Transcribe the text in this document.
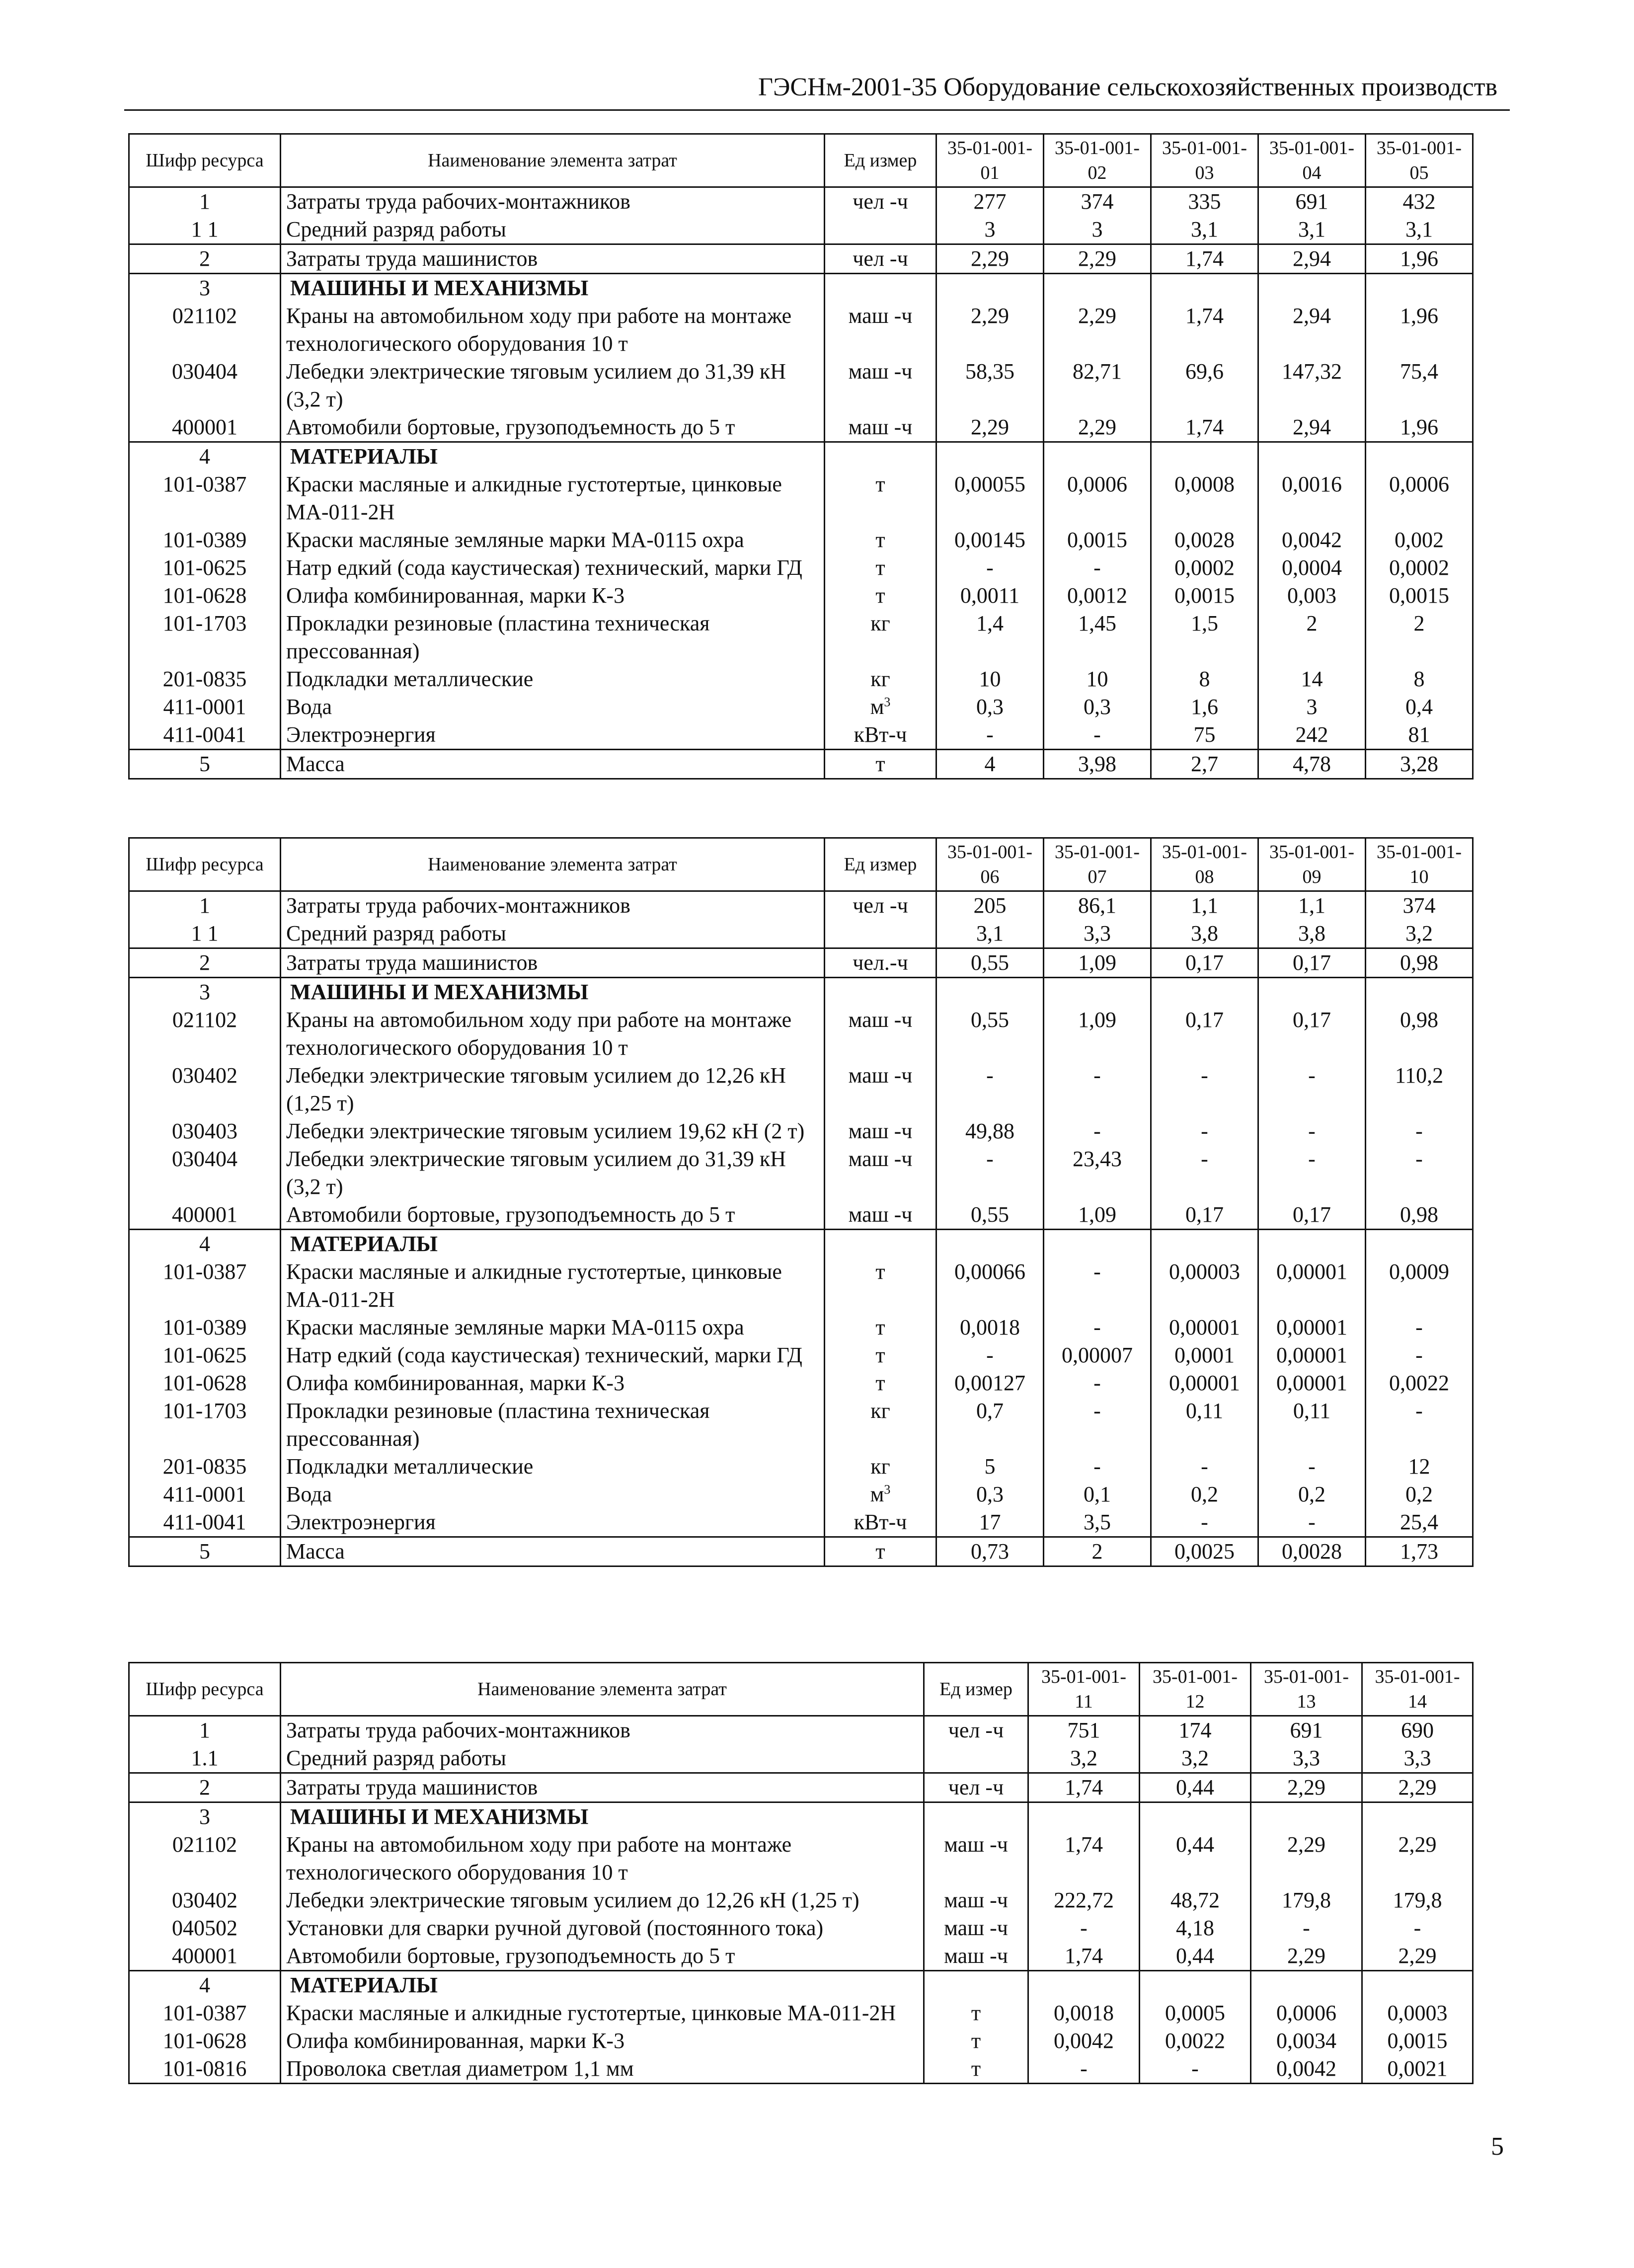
ГЭСНм-2001-35 Оборудование сельскохозяйственных производств
Шифр ресурса	Наименование элемента затрат	Ед измер	35-01-001-01	35-01-001-02	35-01-001-03	35-01-001-04	35-01-001-05
1	Затраты труда рабочих-монтажников	чел -ч	277	374	335	691	432
1 1	Средний разряд работы		3	3	3,1	3,1	3,1
2	Затраты труда машинистов	чел -ч	2,29	2,29	1,74	2,94	1,96
3	МАШИНЫ И МЕХАНИЗМЫ						
021102	Краны на автомобильном ходу при работе на монтаже технологического оборудования 10 т	маш -ч	2,29	2,29	1,74	2,94	1,96
030404	Лебедки электрические тяговым усилием до 31,39 кН (3,2 т)	маш -ч	58,35	82,71	69,6	147,32	75,4
400001	Автомобили бортовые, грузоподъемность до 5 т	маш -ч	2,29	2,29	1,74	2,94	1,96
4	МАТЕРИАЛЫ						
101-0387	Краски масляные и алкидные густотертые, цинковые МА-011-2Н	т	0,00055	0,0006	0,0008	0,0016	0,0006
101-0389	Краски масляные земляные марки МА-0115 охра	т	0,00145	0,0015	0,0028	0,0042	0,002
101-0625	Натр едкий (сода каустическая) технический, марки ГД	т	-	-	0,0002	0,0004	0,0002
101-0628	Олифа комбинированная, марки К-3	т	0,0011	0,0012	0,0015	0,003	0,0015
101-1703	Прокладки резиновые (пластина техническая прессованная)	кг	1,4	1,45	1,5	2	2
201-0835	Подкладки металлические	кг	10	10	8	14	8
411-0001	Вода	$м^3$	0,3	0,3	1,6	3	0,4
411-0041	Электроэнергия	кВт-ч	-	-	75	242	81
5	Масса	т	4	3,98	2,7	4,78	3,28
Шифр ресурса	Наименование элемента затрат	Ед измер	35-01-001-06	35-01-001-07	35-01-001-08	35-01-001-09	35-01-001-10
1	Затраты труда рабочих-монтажников	чел -ч	205	86,1	1,1	1,1	374
1 1	Средний разряд работы		3,1	3,3	3,8	3,8	3,2
2	Затраты труда машинистов	чел.-ч	0,55	1,09	0,17	0,17	0,98
3	МАШИНЫ И МЕХАНИЗМЫ						
021102	Краны на автомобильном ходу при работе на монтаже технологического оборудования 10 т	маш -ч	0,55	1,09	0,17	0,17	0,98
030402	Лебедки электрические тяговым усилием до 12,26 кН (1,25 т)	маш -ч	-	-	-	-	110,2
030403	Лебедки электрические тяговым усилием 19,62 кН (2 т)	маш -ч	49,88	-	-	-	-
030404	Лебедки электрические тяговым усилием до 31,39 кН (3,2 т)	маш -ч	-	23,43	-	-	-
400001	Автомобили бортовые, грузоподъемность до 5 т	маш -ч	0,55	1,09	0,17	0,17	0,98
4	МАТЕРИАЛЫ						
101-0387	Краски масляные и алкидные густотертые, цинковые МА-011-2Н	т	0,00066	-	0,00003	0,00001	0,0009
101-0389	Краски масляные земляные марки МА-0115 охра	т	0,0018	-	0,00001	0,00001	-
101-0625	Натр едкий (сода каустическая) технический, марки ГД	т	-	0,00007	0,0001	0,00001	-
101-0628	Олифа комбинированная, марки К-3	т	0,00127	-	0,00001	0,00001	0,0022
101-1703	Прокладки резиновые (пластина техническая прессованная)	кг	0,7	-	0,11	0,11	-
201-0835	Подкладки металлические	кг	5	-	-	-	12
411-0001	Вода	$м^3$	0,3	0,1	0,2	0,2	0,2
411-0041	Электроэнергия	кВт-ч	17	3,5	-	-	25,4
5	Масса	т	0,73	2	0,0025	0,0028	1,73
Шифр ресурса	Наименование элемента затрат	Ед измер	35-01-001-11	35-01-001-12	35-01-001-13	35-01-001-14
1	Затраты труда рабочих-монтажников	чел -ч	751	174	691	690
1.1	Средний разряд работы		3,2	3,2	3,3	3,3
2	Затраты труда машинистов	чел -ч	1,74	0,44	2,29	2,29
3	МАШИНЫ И МЕХАНИЗМЫ					
021102	Краны на автомобильном ходу при работе на монтаже технологического оборудования 10 т	маш -ч	1,74	0,44	2,29	2,29
030402	Лебедки электрические тяговым усилием до 12,26 кН (1,25 т)	маш -ч	222,72	48,72	179,8	179,8
040502	Установки для сварки ручной дуговой (постоянного тока)	маш -ч	-	4,18	-	-
400001	Автомобили бортовые, грузоподъемность до 5 т	маш -ч	1,74	0,44	2,29	2,29
4	МАТЕРИАЛЫ					
101-0387	Краски масляные и алкидные густотертые, цинковые МА-011-2Н	т	0,0018	0,0005	0,0006	0,0003
101-0628	Олифа комбинированная, марки К-3	т	0,0042	0,0022	0,0034	0,0015
101-0816	Проволока светлая диаметром 1,1 мм	т	-	-	0,0042	0,0021
5
